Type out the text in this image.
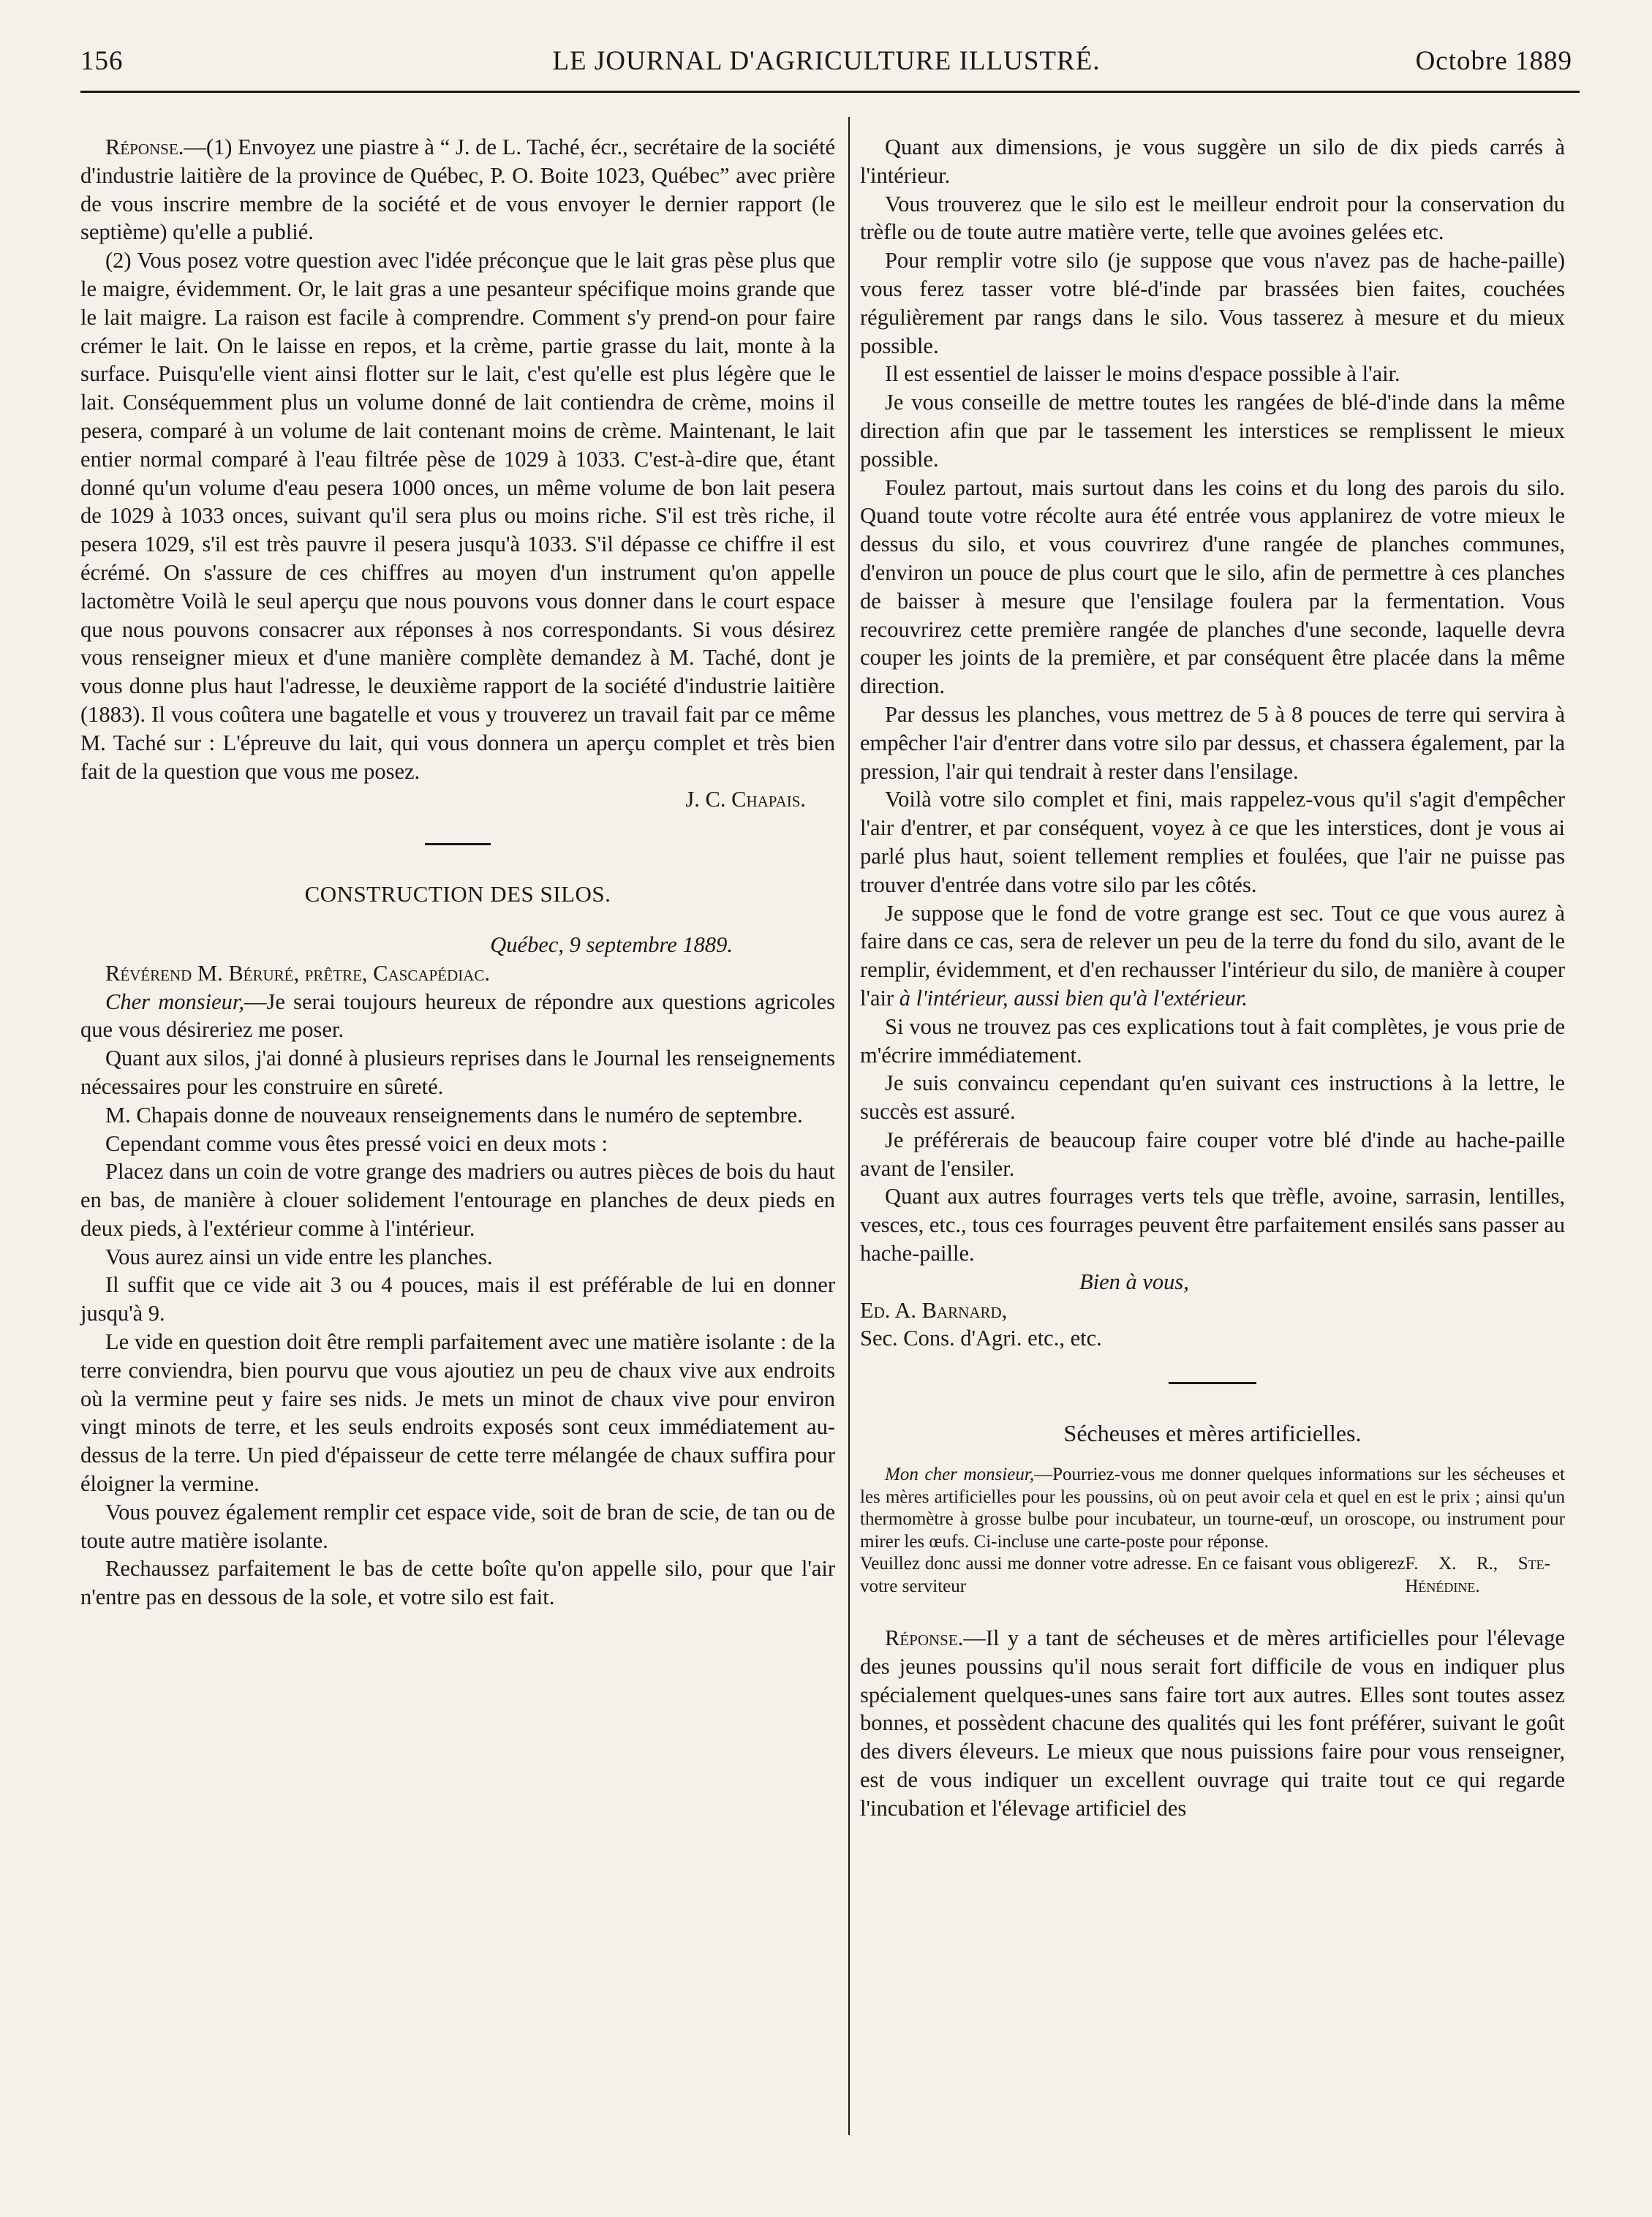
156	LE JOURNAL D'AGRICULTURE ILLUSTRÉ.	Octobre 1889

Réponse.—(1) Envoyez une piastre à “ J. de L. Taché, écr., secrétaire de la société d'industrie laitière de la province de Québec, P. O. Boite 1023, Québec” avec prière de vous inscrire membre de la société et de vous envoyer le dernier rapport (le septième) qu'elle a publié.

(2) Vous posez votre question avec l'idée préconçue que le lait gras pèse plus que le maigre, évidemment. Or, le lait gras a une pesanteur spécifique moins grande que le lait maigre. La raison est facile à comprendre. Comment s'y prend-on pour faire crémer le lait. On le laisse en repos, et la crème, partie grasse du lait, monte à la surface. Puisqu'elle vient ainsi flotter sur le lait, c'est qu'elle est plus légère que le lait. Conséquemment plus un volume donné de lait contiendra de crème, moins il pesera, comparé à un volume de lait contenant moins de crème. Maintenant, le lait entier normal comparé à l'eau filtrée pèse de 1029 à 1033. C'est-à-dire que, étant donné qu'un volume d'eau pesera 1000 onces, un même volume de bon lait pesera de 1029 à 1033 onces, suivant qu'il sera plus ou moins riche. S'il est très riche, il pesera 1029, s'il est très pauvre il pesera jusqu'à 1033. S'il dépasse ce chiffre il est écrémé. On s'assure de ces chiffres au moyen d'un instrument qu'on appelle lactomètre Voilà le seul aperçu que nous pouvons vous donner dans le court espace que nous pouvons consacrer aux réponses à nos correspondants. Si vous désirez vous renseigner mieux et d'une manière complète demandez à M. Taché, dont je vous donne plus haut l'adresse, le deuxième rapport de la société d'industrie laitière (1883). Il vous coûtera une bagatelle et vous y trouverez un travail fait par ce même M. Taché sur : L'épreuve du lait, qui vous donnera un aperçu complet et très bien fait de la question que vous me posez.

J. C. Chapais.

CONSTRUCTION DES SILOS.

Québec, 9 septembre 1889.

Révérend M. Béruré, prêtre, Cascapédiac.

Cher monsieur,—Je serai toujours heureux de répondre aux questions agricoles que vous désireriez me poser.

Quant aux silos, j'ai donné à plusieurs reprises dans le Journal les renseignements nécessaires pour les construire en sûreté.

M. Chapais donne de nouveaux renseignements dans le numéro de septembre.

Cependant comme vous êtes pressé voici en deux mots :

Placez dans un coin de votre grange des madriers ou autres pièces de bois du haut en bas, de manière à clouer solidement l'entourage en planches de deux pieds en deux pieds, à l'extérieur comme à l'intérieur.

Vous aurez ainsi un vide entre les planches.

Il suffit que ce vide ait 3 ou 4 pouces, mais il est préférable de lui en donner jusqu'à 9.

Le vide en question doit être rempli parfaitement avec une matière isolante : de la terre conviendra, bien pourvu que vous ajoutiez un peu de chaux vive aux endroits où la vermine peut y faire ses nids. Je mets un minot de chaux vive pour environ vingt minots de terre, et les seuls endroits exposés sont ceux immédiatement au-dessus de la terre. Un pied d'épaisseur de cette terre mélangée de chaux suffira pour éloigner la vermine.

Vous pouvez également remplir cet espace vide, soit de bran de scie, de tan ou de toute autre matière isolante.

Rechaussez parfaitement le bas de cette boîte qu'on appelle silo, pour que l'air n'entre pas en dessous de la sole, et votre silo est fait.

Quant aux dimensions, je vous suggère un silo de dix pieds carrés à l'intérieur.

Vous trouverez que le silo est le meilleur endroit pour la conservation du trèfle ou de toute autre matière verte, telle que avoines gelées etc.

Pour remplir votre silo (je suppose que vous n'avez pas de hache-paille) vous ferez tasser votre blé-d'inde par brassées bien faites, couchées régulièrement par rangs dans le silo. Vous tasserez à mesure et du mieux possible.

Il est essentiel de laisser le moins d'espace possible à l'air.

Je vous conseille de mettre toutes les rangées de blé-d'inde dans la même direction afin que par le tassement les interstices se remplissent le mieux possible.

Foulez partout, mais surtout dans les coins et du long des parois du silo. Quand toute votre récolte aura été entrée vous applanirez de votre mieux le dessus du silo, et vous couvrirez d'une rangée de planches communes, d'environ un pouce de plus court que le silo, afin de permettre à ces planches de baisser à mesure que l'ensilage foulera par la fermentation. Vous recouvrirez cette première rangée de planches d'une seconde, laquelle devra couper les joints de la première, et par conséquent être placée dans la même direction.

Par dessus les planches, vous mettrez de 5 à 8 pouces de terre qui servira à empêcher l'air d'entrer dans votre silo par dessus, et chassera également, par la pression, l'air qui tendrait à rester dans l'ensilage.

Voilà votre silo complet et fini, mais rappelez-vous qu'il s'agit d'empêcher l'air d'entrer, et par conséquent, voyez à ce que les interstices, dont je vous ai parlé plus haut, soient tellement remplies et foulées, que l'air ne puisse pas trouver d'entrée dans votre silo par les côtés.

Je suppose que le fond de votre grange est sec. Tout ce que vous aurez à faire dans ce cas, sera de relever un peu de la terre du fond du silo, avant de le remplir, évidemment, et d'en rechausser l'intérieur du silo, de manière à couper l'air à l'intérieur, aussi bien qu'à l'extérieur.

Si vous ne trouvez pas ces explications tout à fait complètes, je vous prie de m'écrire immédiatement.

Je suis convaincu cependant qu'en suivant ces instructions à la lettre, le succès est assuré.

Je préférerais de beaucoup faire couper votre blé d'inde au hache-paille avant de l'ensiler.

Quant aux autres fourrages verts tels que trèfle, avoine, sarrasin, lentilles, vesces, etc., tous ces fourrages peuvent être parfaitement ensilés sans passer au hache-paille.

Bien à vous,

Ed. A. Barnard,

Sec. Cons. d'Agri. etc., etc.

Sécheuses et mères artificielles.

Mon cher monsieur,—Pourriez-vous me donner quelques informations sur les sécheuses et les mères artificielles pour les poussins, où on peut avoir cela et quel en est le prix ; ainsi qu'un thermomètre à grosse bulbe pour incubateur, un tourne-œuf, un oroscope, ou instrument pour mirer les œufs. Ci-incluse une carte-poste pour réponse.

Veuillez donc aussi me donner votre adresse. En ce faisant vous obligerez votre serviteur
F. X. R., Ste-Hénédine.

Réponse.—Il y a tant de sécheuses et de mères artificielles pour l'élevage des jeunes poussins qu'il nous serait fort difficile de vous en indiquer plus spécialement quelques-unes sans faire tort aux autres. Elles sont toutes assez bonnes, et possèdent chacune des qualités qui les font préférer, suivant le goût des divers éleveurs. Le mieux que nous puissions faire pour vous renseigner, est de vous indiquer un excellent ouvrage qui traite tout ce qui regarde l'incubation et l'élevage artificiel des
